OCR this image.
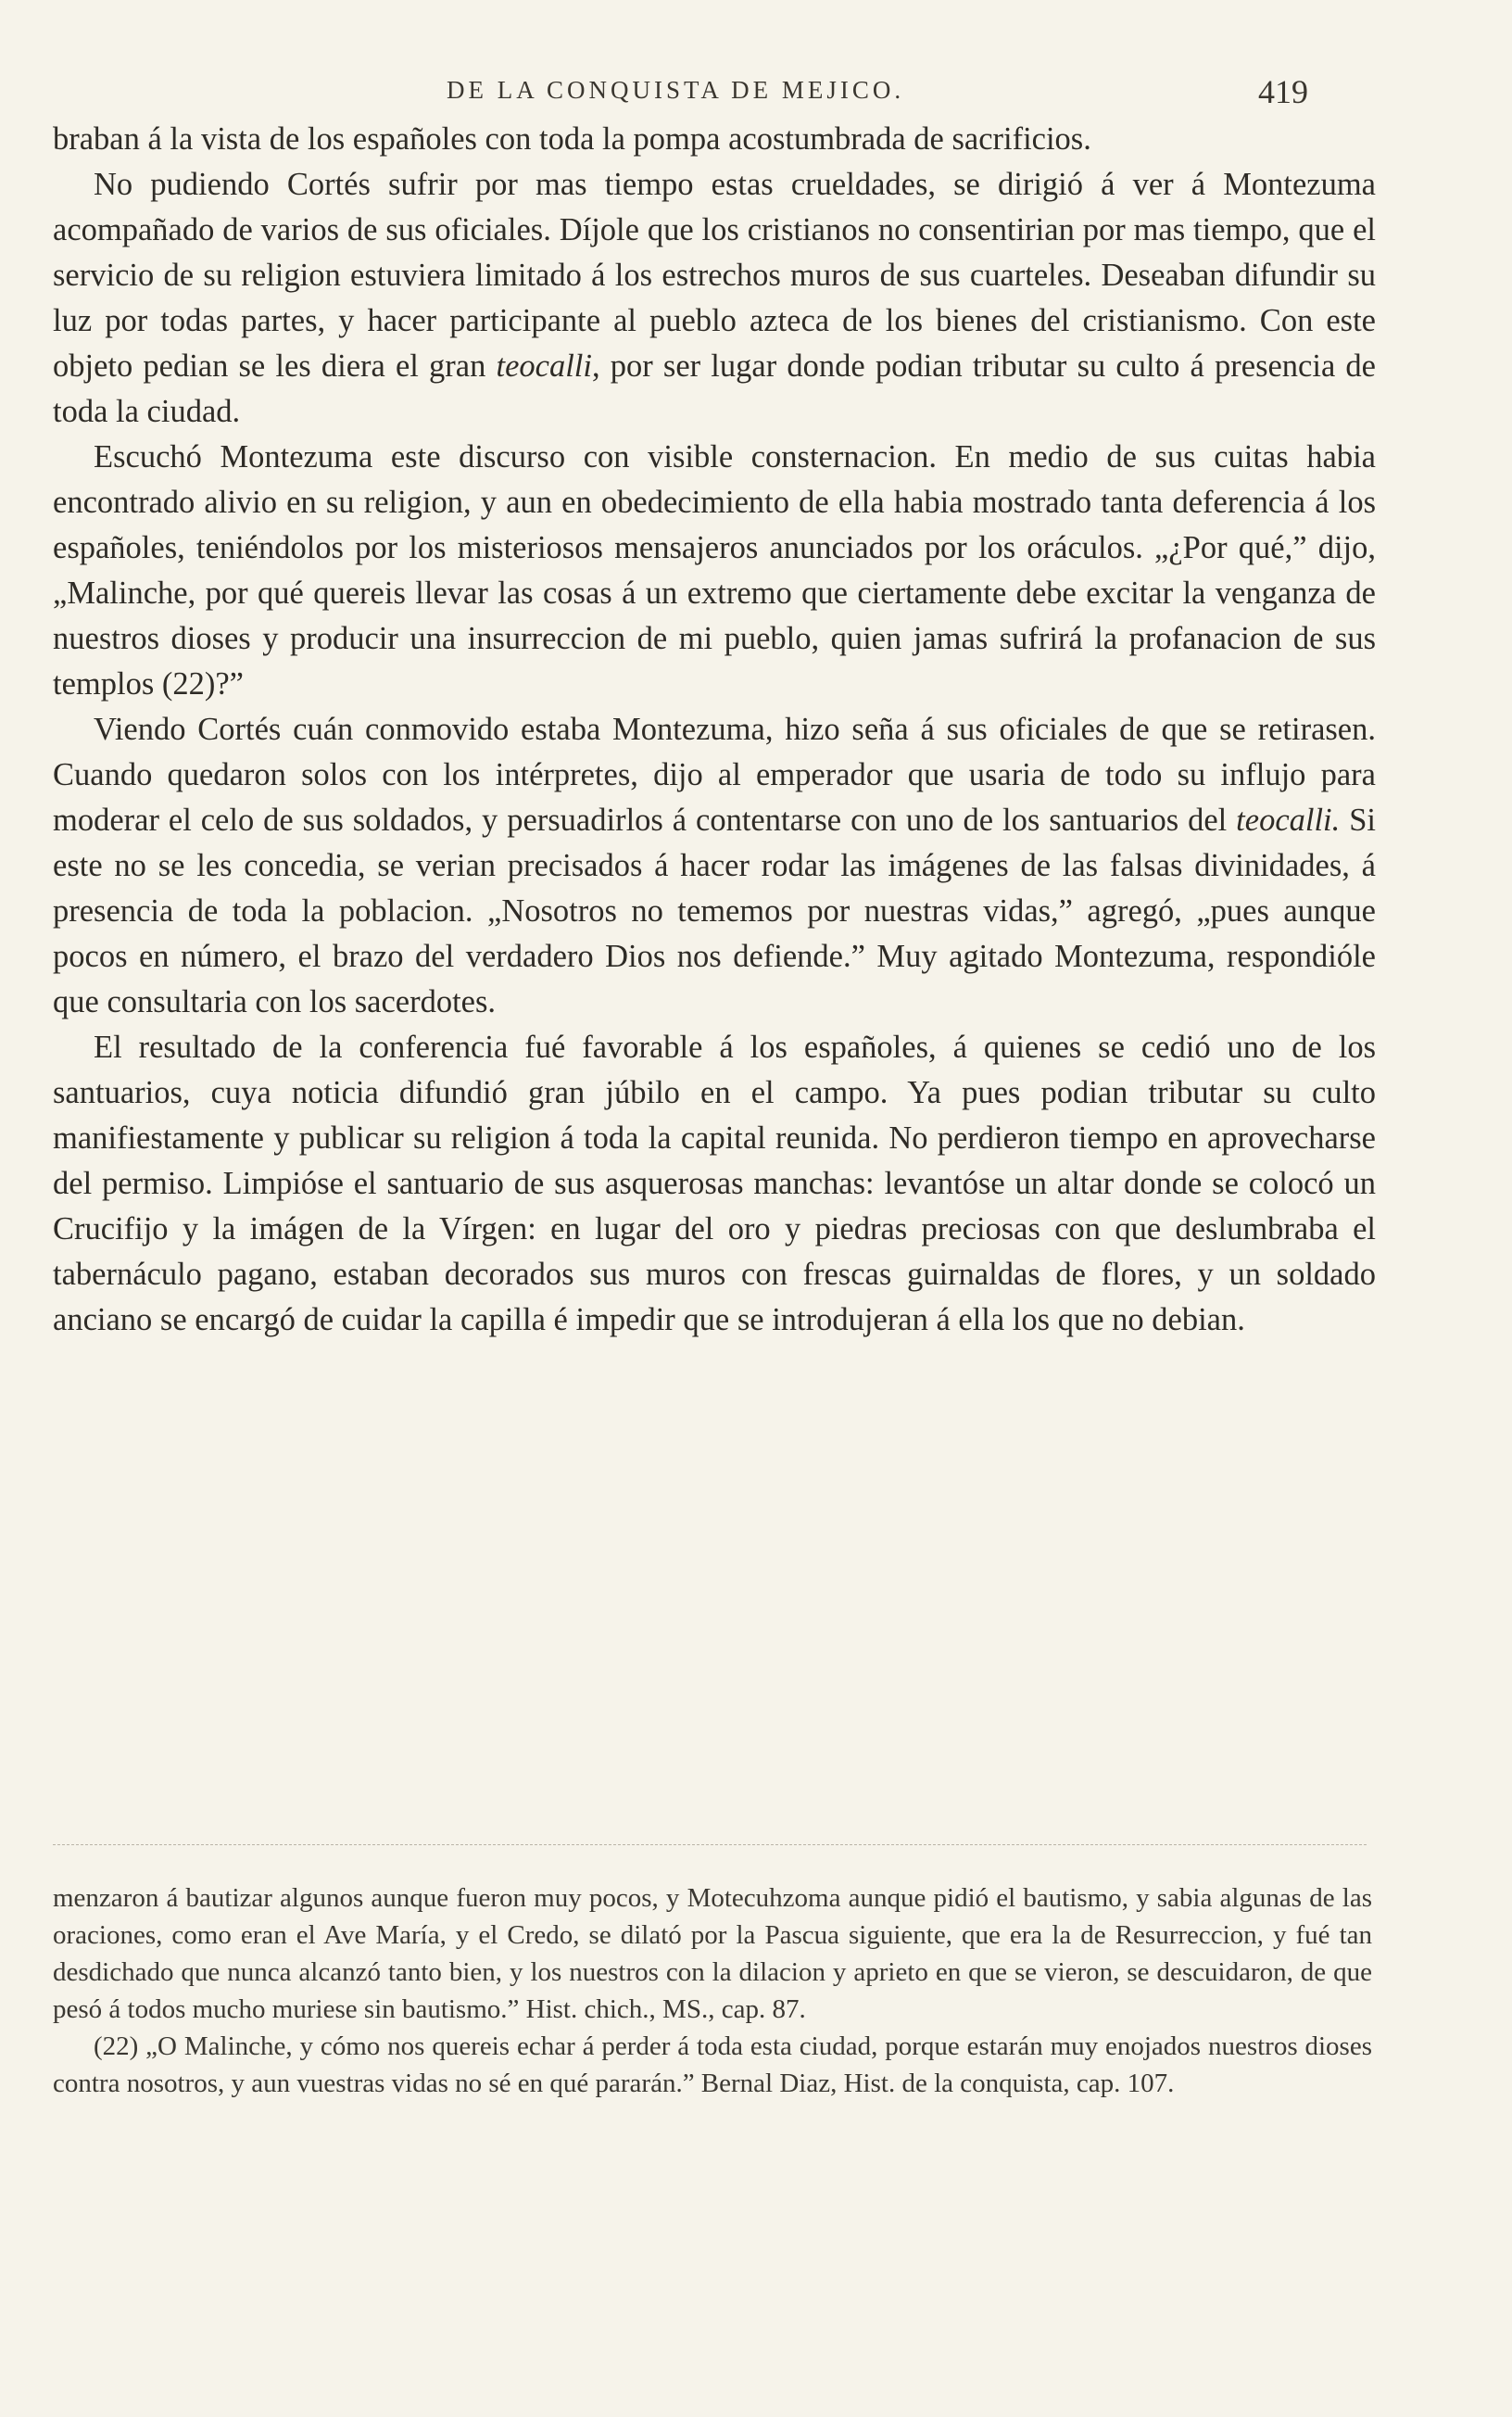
DE LA CONQUISTA DE MEJICO.	419

braban á la vista de los españoles con toda la pompa acostumbrada de sacrificios.

No pudiendo Cortés sufrir por mas tiempo estas crueldades, se dirigió á ver á Montezuma acompañado de varios de sus oficiales. Díjole que los cristianos no consentirian por mas tiempo, que el servicio de su religion estuviera limitado á los estrechos muros de sus cuarteles. Deseaban difundir su luz por todas partes, y hacer participante al pueblo azteca de los bienes del cristianismo. Con este objeto pedian se les diera el gran teocalli, por ser lugar donde podian tributar su culto á presencia de toda la ciudad.

Escuchó Montezuma este discurso con visible consternacion. En medio de sus cuitas habia encontrado alivio en su religion, y aun en obedecimiento de ella habia mostrado tanta deferencia á los españoles, teniéndolos por los misteriosos mensajeros anunciados por los oráculos. „¿Por qué,” dijo, „Malinche, por qué quereis llevar las cosas á un extremo que ciertamente debe excitar la venganza de nuestros dioses y producir una insurreccion de mi pueblo, quien jamas sufrirá la profanacion de sus templos (22)?”

Viendo Cortés cuán conmovido estaba Montezuma, hizo seña á sus oficiales de que se retirasen. Cuando quedaron solos con los intérpretes, dijo al emperador que usaria de todo su influjo para moderar el celo de sus soldados, y persuadirlos á contentarse con uno de los santuarios del teocalli. Si este no se les concedia, se verian precisados á hacer rodar las imágenes de las falsas divinidades, á presencia de toda la poblacion. „Nosotros no tememos por nuestras vidas,” agregó, „pues aunque pocos en número, el brazo del verdadero Dios nos defiende.” Muy agitado Montezuma, respondióle que consultaria con los sacerdotes.

El resultado de la conferencia fué favorable á los españoles, á quienes se cedió uno de los santuarios, cuya noticia difundió gran júbilo en el campo. Ya pues podian tributar su culto manifiestamente y publicar su religion á toda la capital reunida. No perdieron tiempo en aprovecharse del permiso. Limpióse el santuario de sus asquerosas manchas: levantóse un altar donde se colocó un Crucifijo y la imágen de la Vírgen: en lugar del oro y piedras preciosas con que deslumbraba el tabernáculo pagano, estaban decorados sus muros con frescas guirnaldas de flores, y un soldado anciano se encargó de cuidar la capilla é impedir que se introdujeran á ella los que no debian.

menzaron á bautizar algunos aunque fueron muy pocos, y Motecuhzoma aunque pidió el bautismo, y sabia algunas de las oraciones, como eran el Ave María, y el Credo, se dilató por la Pascua siguiente, que era la de Resurreccion, y fué tan desdichado que nunca alcanzó tanto bien, y los nuestros con la dilacion y aprieto en que se vieron, se descuidaron, de que pesó á todos mucho muriese sin bautismo.” Hist. chich., MS., cap. 87.

(22) „O Malinche, y cómo nos quereis echar á perder á toda esta ciudad, porque estarán muy enojados nuestros dioses contra nosotros, y aun vuestras vidas no sé en qué pararán.” Bernal Diaz, Hist. de la conquista, cap. 107.
